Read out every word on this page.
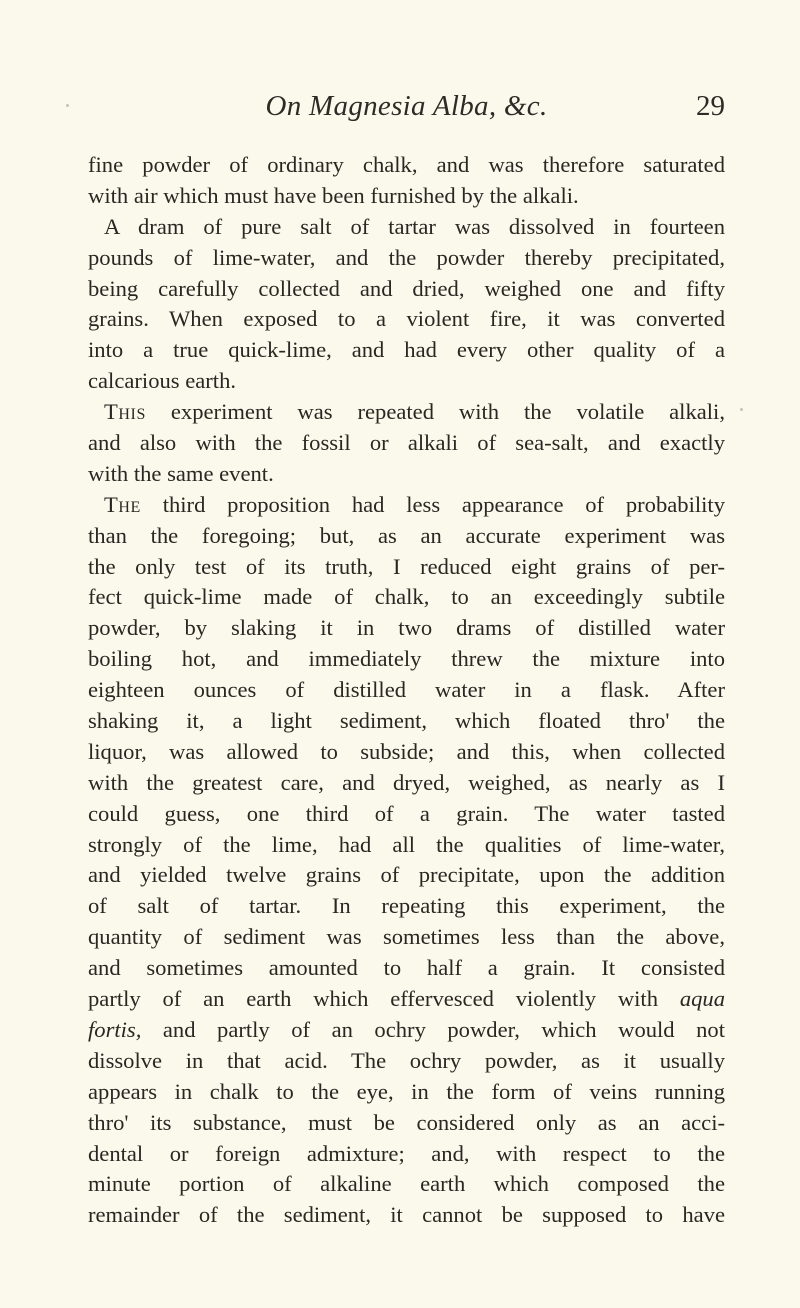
On Magnesia Alba, &c.	29
fine powder of ordinary chalk, and was therefore saturated
with air which must have been furnished by the alkali.
A dram of pure salt of tartar was dissolved in fourteen
pounds of lime-water, and the powder thereby precipitated,
being carefully collected and dried, weighed one and fifty
grains. When exposed to a violent fire, it was converted
into a true quick-lime, and had every other quality of a
calcarious earth.
This experiment was repeated with the volatile alkali,
and also with the fossil or alkali of sea-salt, and exactly
with the same event.
The third proposition had less appearance of probability
than the foregoing; but, as an accurate experiment was
the only test of its truth, I reduced eight grains of per-
fect quick-lime made of chalk, to an exceedingly subtile
powder, by slaking it in two drams of distilled water
boiling hot, and immediately threw the mixture into
eighteen ounces of distilled water in a flask. After
shaking it, a light sediment, which floated thro' the
liquor, was allowed to subside; and this, when collected
with the greatest care, and dryed, weighed, as nearly as I
could guess, one third of a grain. The water tasted
strongly of the lime, had all the qualities of lime-water,
and yielded twelve grains of precipitate, upon the addition
of salt of tartar. In repeating this experiment, the
quantity of sediment was sometimes less than the above,
and sometimes amounted to half a grain. It consisted
partly of an earth which effervesced violently with aqua
fortis, and partly of an ochry powder, which would not
dissolve in that acid. The ochry powder, as it usually
appears in chalk to the eye, in the form of veins running
thro' its substance, must be considered only as an acci-
dental or foreign admixture; and, with respect to the
minute portion of alkaline earth which composed the
remainder of the sediment, it cannot be supposed to have
